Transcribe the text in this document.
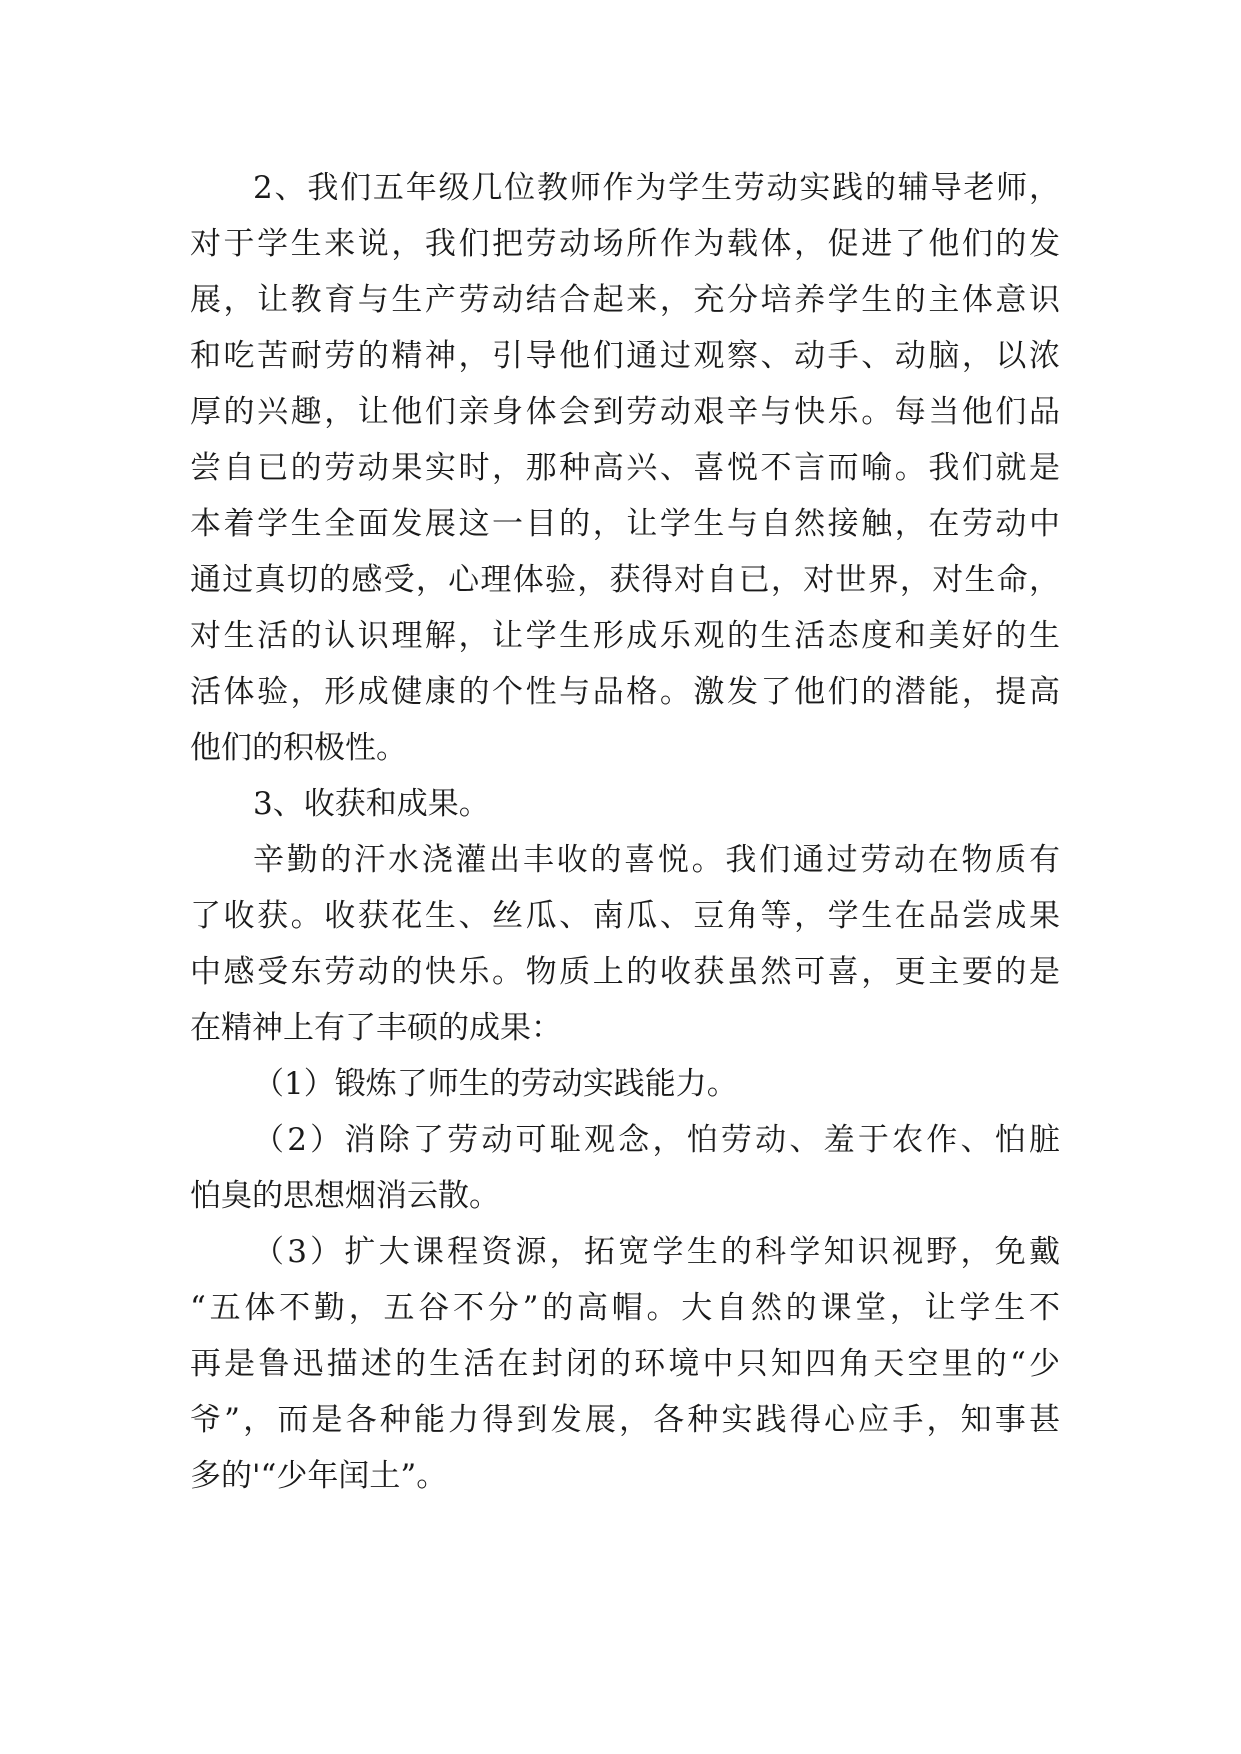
2、我们五年级几位教师作为学生劳动实践的辅导老师，
对于学生来说，我们把劳动场所作为载体，促进了他们的发
展，让教育与生产劳动结合起来，充分培养学生的主体意识
和吃苦耐劳的精神，引导他们通过观察、动手、动脑，以浓
厚的兴趣，让他们亲身体会到劳动艰辛与快乐。每当他们品
尝自已的劳动果实时，那种高兴、喜悦不言而喻。我们就是
本着学生全面发展这一目的，让学生与自然接触，在劳动中
通过真切的感受，心理体验，获得对自已，对世界，对生命，
对生活的认识理解，让学生形成乐观的生活态度和美好的生
活体验，形成健康的个性与品格。激发了他们的潜能，提高
他们的积极性。
3、收获和成果。
辛勤的汗水浇灌出丰收的喜悦。我们通过劳动在物质有
了收获。收获花生、丝瓜、南瓜、豆角等，学生在品尝成果
中感受东劳动的快乐。物质上的收获虽然可喜，更主要的是
在精神上有了丰硕的成果：
（1）锻炼了师生的劳动实践能力。
（2）消除了劳动可耻观念，怕劳动、羞于农作、怕脏
怕臭的思想烟消云散。
（3）扩大课程资源，拓宽学生的科学知识视野，免戴
“五体不勤，五谷不分”的高帽。大自然的课堂，让学生不
再是鲁迅描述的生活在封闭的环境中只知四角天空里的“少
爷”，而是各种能力得到发展，各种实践得心应手，知事甚
多的'“少年闰土”。
